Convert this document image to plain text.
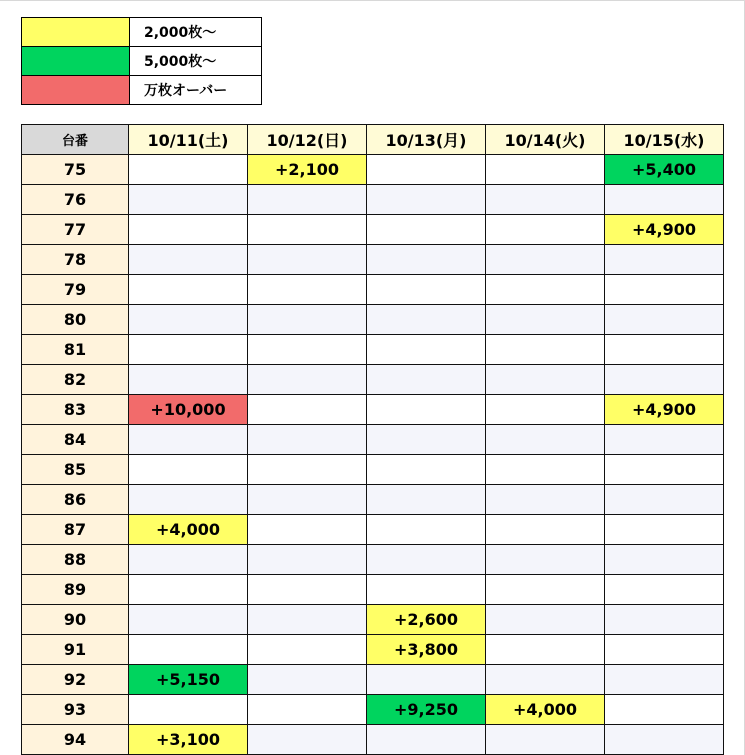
	2,000枚〜
	5,000枚〜
	万枚オーバー
台番	10/11(土)	10/12(日)	10/13(月)	10/14(火)	10/15(水)
75		+2,100			+5,400
76					
77					+4,900
78					
79					
80					
81					
82					
83	+10,000				+4,900
84					
85					
86					
87	+4,000				
88					
89					
90			+2,600		
91			+3,800		
92	+5,150				
93			+9,250	+4,000	
94	+3,100				
